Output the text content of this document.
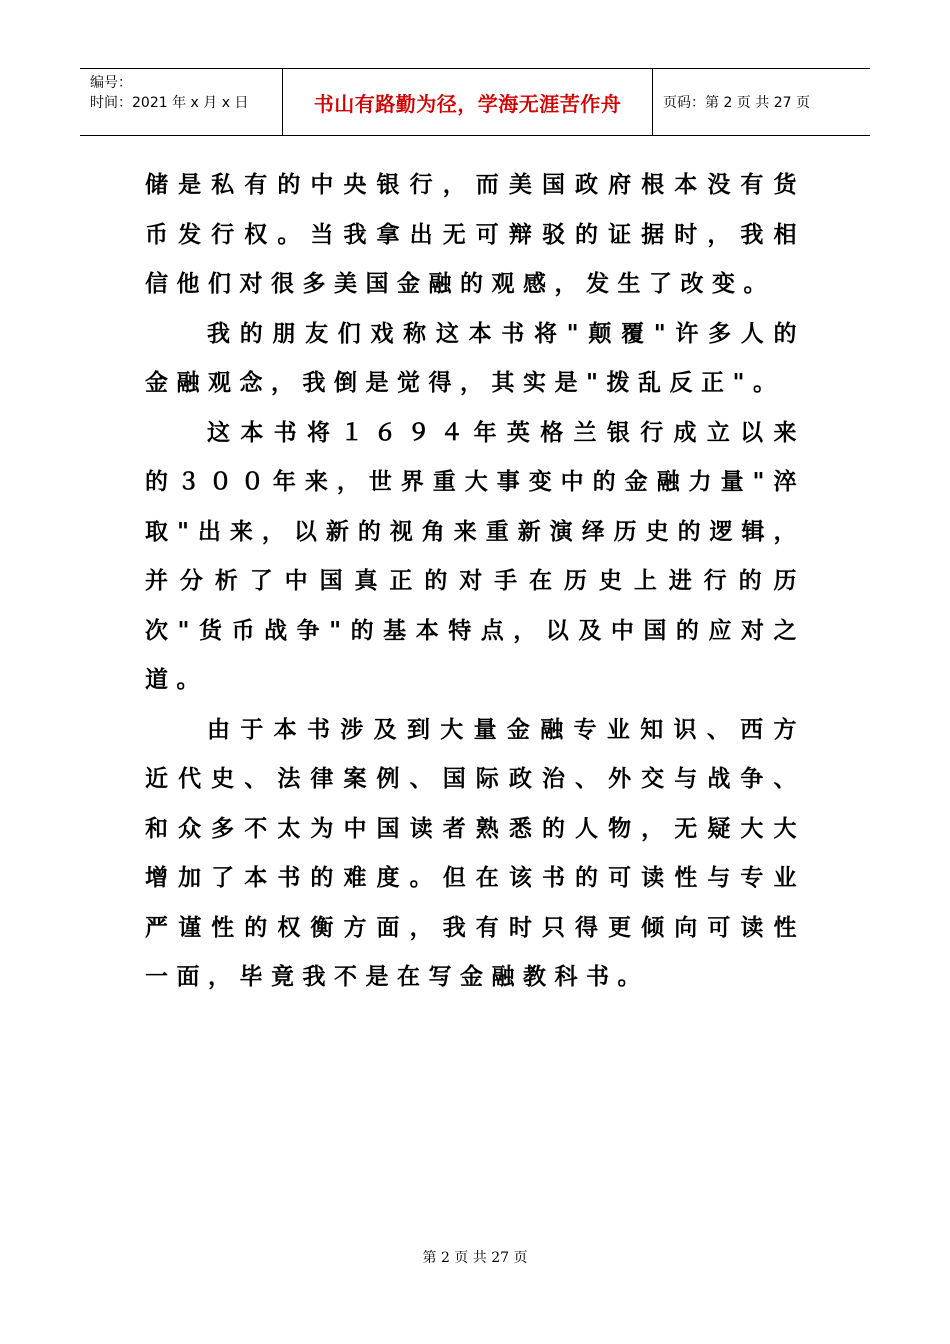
编号：
时间：2021 年 x 月 x 日	书山有路勤为径，学海无涯苦作舟	页码：第 2 页 共 27 页

储是私有的中央银行，而美国政府根本没有货币发行权。当我拿出无可辩驳的证据时，我相信他们对很多美国金融的观感，发生了改变。

我的朋友们戏称这本书将"颠覆"许多人的金融观念，我倒是觉得，其实是"拨乱反正"。

这本书将１６９４年英格兰银行成立以来的３００年来，世界重大事变中的金融力量"淬取"出来，以新的视角来重新演绎历史的逻辑，并分析了中国真正的对手在历史上进行的历次"货币战争"的基本特点，以及中国的应对之道。

由于本书涉及到大量金融专业知识、西方近代史、法律案例、国际政治、外交与战争、和众多不太为中国读者熟悉的人物，无疑大大增加了本书的难度。但在该书的可读性与专业严谨性的权衡方面，我有时只得更倾向可读性一面，毕竟我不是在写金融教科书。

第 2 页 共 27 页
